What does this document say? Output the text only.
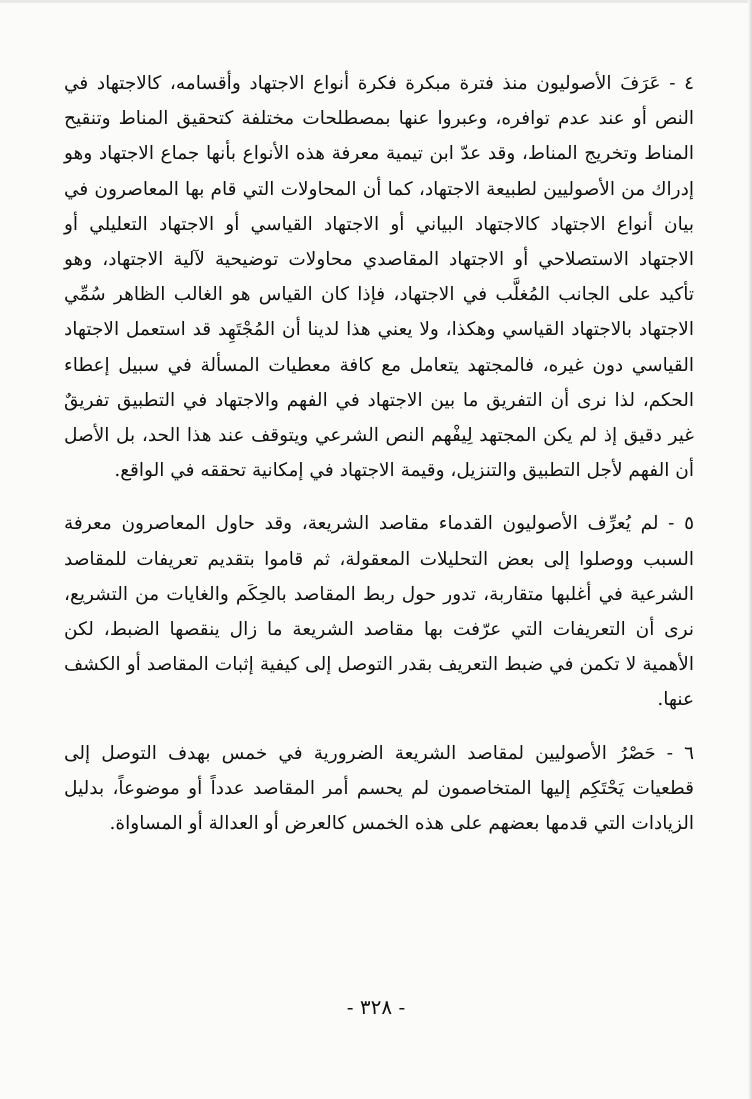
٤ - عَرَفَ الأصوليون منذ فترة مبكرة فكرة أنواع الاجتهاد وأقسامه، كالاجتهاد في النص أو عند عدم توافره، وعبروا عنها بمصطلحات مختلفة كتحقيق المناط وتنقيح المناط وتخريج المناط، وقد عدّ ابن تيمية معرفة هذه الأنواع بأنها جماع الاجتهاد وهو إدراك من الأصوليين لطبيعة الاجتهاد، كما أن المحاولات التي قام بها المعاصرون في بيان أنواع الاجتهاد كالاجتهاد البياني أو الاجتهاد القياسي أو الاجتهاد التعليلي أو الاجتهاد الاستصلاحي أو الاجتهاد المقاصدي محاولات توضيحية لآلية الاجتهاد، وهو تأكيد على الجانب المُغلَّب في الاجتهاد، فإذا كان القياس هو الغالب الظاهر سُمِّي الاجتهاد بالاجتهاد القياسي وهكذا، ولا يعني هذا لدينا أن المُجْتَهِد قد استعمل الاجتهاد القياسي دون غيره، فالمجتهد يتعامل مع كافة معطيات المسألة في سبيل إعطاء الحكم، لذا نرى أن التفريق ما بين الاجتهاد في الفهم والاجتهاد في التطبيق تفريقٌ غير دقيق إذ لم يكن المجتهد لِيفْهم النص الشرعي ويتوقف عند هذا الحد، بل الأصل أن الفهم لأجل التطبيق والتنزيل، وقيمة الاجتهاد في إمكانية تحققه في الواقع.

٥ - لم يُعرِّف الأصوليون القدماء مقاصد الشريعة، وقد حاول المعاصرون معرفة السبب ووصلوا إلى بعض التحليلات المعقولة، ثم قاموا بتقديم تعريفات للمقاصد الشرعية في أغلبها متقاربة، تدور حول ربط المقاصد بالحِكَم والغايات من التشريع، نرى أن التعريفات التي عرّفت بها مقاصد الشريعة ما زال ينقصها الضبط، لكن الأهمية لا تكمن في ضبط التعريف بقدر التوصل إلى كيفية إثبات المقاصد أو الكشف عنها.

٦ - حَصْرُ الأصوليين لمقاصد الشريعة الضرورية في خمس بهدف التوصل إلى قطعيات يَحْتَكِم إليها المتخاصمون لم يحسم أمر المقاصد عدداً أو موضوعاً، بدليل الزيادات التي قدمها بعضهم على هذه الخمس كالعرض أو العدالة أو المساواة.

- ٣٢٨ -
